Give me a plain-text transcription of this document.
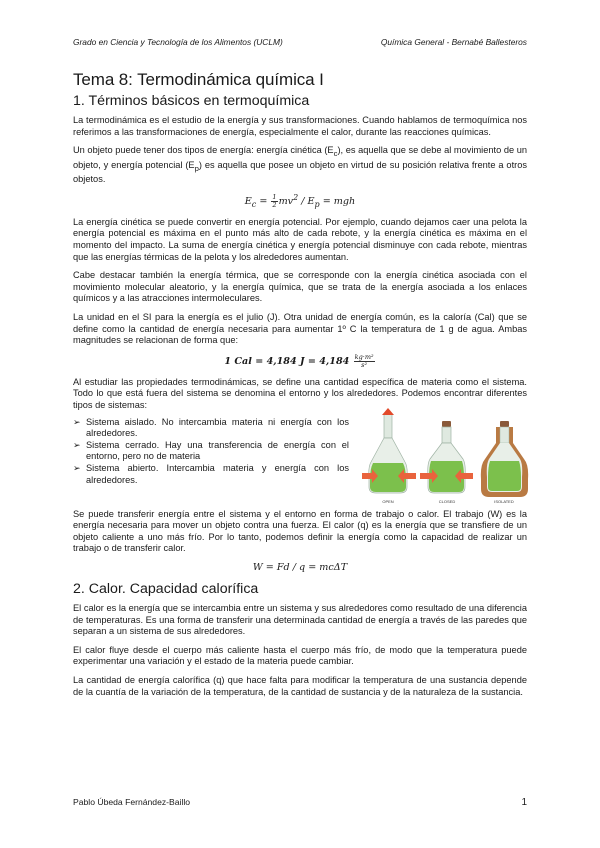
Grado en Ciencia y Tecnología de los Alimentos (UCLM)	Química General - Bernabé Ballesteros
Tema 8: Termodinámica química I
1. Términos básicos en termoquímica

La termodinámica es el estudio de la energía y sus transformaciones. Cuando hablamos de termoquímica nos referimos a las transformaciones de energía, especialmente el calor, durante las reacciones químicas.

Un objeto puede tener dos tipos de energía: energía cinética $(E_c)$, es aquella que se debe al movimiento de un objeto, y energía potencial $(E_p)$ es aquella que posee un objeto en virtud de su posición relativa frente a otros objetos.

$E_c = \frac{1}{2} mv^2 / E_p$ = mgh

La energía cinética se puede convertir en energía potencial. Por ejemplo, cuando dejamos caer una pelota la energía potencial es máxima en el punto más alto de cada rebote, y la energía cinética es máxima en el momento del impacto. La suma de energía cinética y energía potencial disminuye con cada rebote, mientras que las energías térmicas de la pelota y los alrededores aumentan.

Cabe destacar también la energía térmica, que se corresponde con la energía cinética asociada con el movimiento molecular aleatorio, y la energía química, que se trata de la energía asociada a los enlaces químicos y a las atracciones intermoleculares.

La unidad en el SI para la energía es el julio (J). Otra unidad de energía común, es la caloría (Cal) que se define como la cantidad de energía necesaria para aumentar 1º C la temperatura de 1 g de agua. Ambas magnitudes se relacionan de forma que:

1 Cal = 4,184 $J = 4,184 \frac{\text{kg·m²}}{\text{s²}}$

Al estudiar las propiedades termodinámicas, se define una cantidad específica de materia como el sistema. Todo lo que está fuera del sistema se denomina el entorno y los alrededores. Podemos encontrar diferentes tipos de sistemas:

➢ Sistema aislado. No intercambia materia ni energía con los alrededores.
➢ Sistema cerrado. Hay una transferencia de energía con el entorno, pero no de materia
➢ Sistema abierto. Intercambia materia y energía con los alrededores.
OPEN	CLOSED	ISOLATED

Se puede transferir energía entre el sistema y el entorno en forma de trabajo o calor. El trabajo (W) es la energía necesaria para mover un objeto contra una fuerza. El calor (q) es la energía que se transfiere de un objeto caliente a uno más frío. Por lo tanto, podemos definir la energía como la capacidad de realizar un trabajo o de transferir calor.

W = Fd / q = mcΔT
2. Calor. Capacidad calorífica

El calor es la energía que se intercambia entre un sistema y sus alrededores como resultado de una diferencia de temperaturas. Es una forma de transferir una determinada cantidad de energía a través de las paredes que separan a un sistema de sus alrededores.

El calor fluye desde el cuerpo más caliente hasta el cuerpo más frío, de modo que la temperatura puede experimentar una variación y el estado de la materia puede cambiar.

La cantidad de energía calorífica (q) que hace falta para modificar la temperatura de una sustancia depende de la cuantía de la variación de la temperatura, de la cantidad de sustancia y de la naturaleza de la sustancia.

Pablo Úbeda Fernández-Baillo	1
